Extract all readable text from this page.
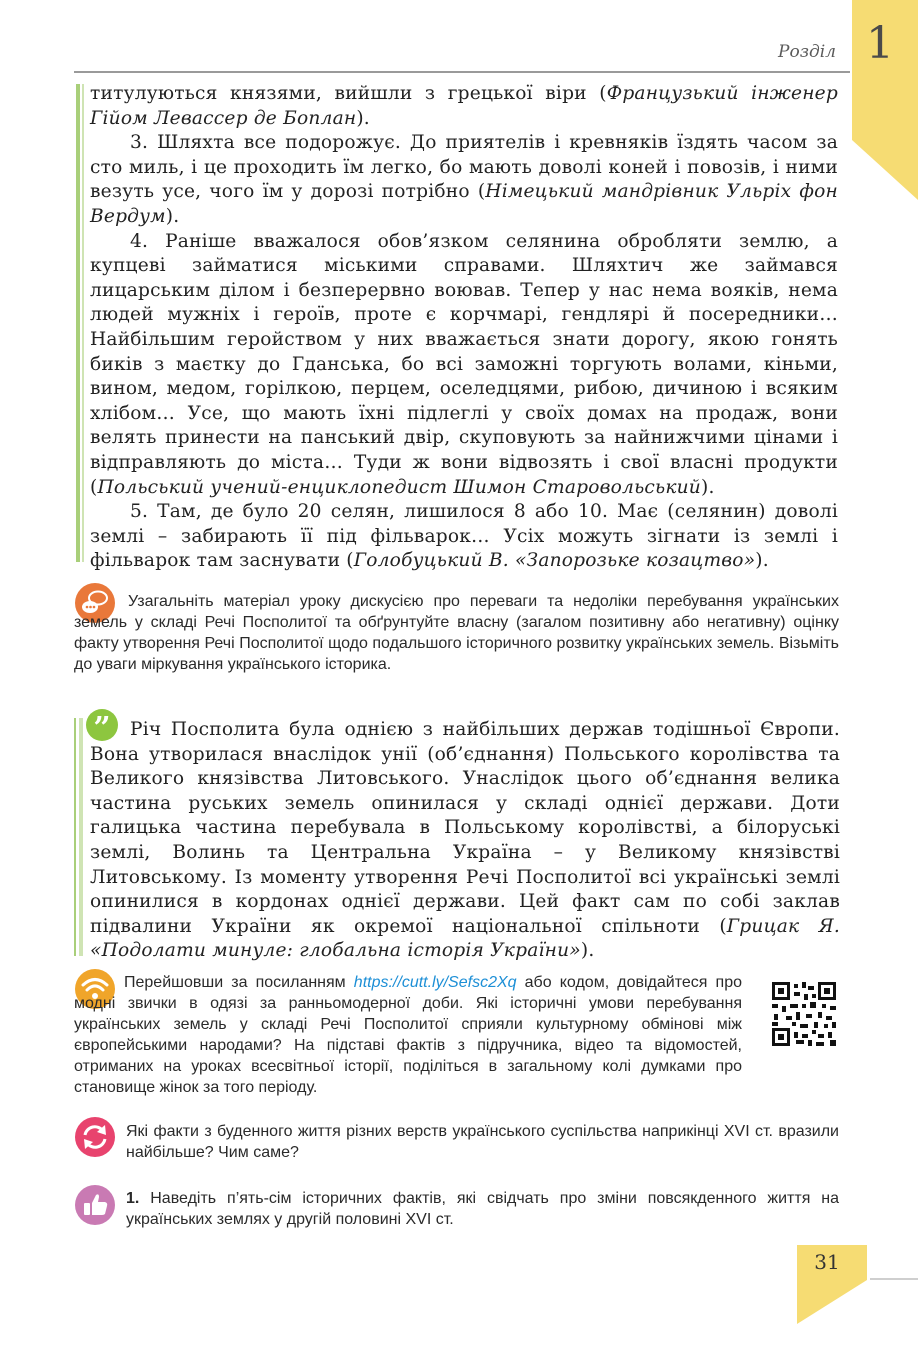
1
Розділ

титулуються князями, вийшли з грецької віри (Французький інженер Гійом Левассер де Боплан).

3. Шляхта все подорожує. До приятелів і кревняків їздять часом за сто миль, і це проходить їм легко, бо мають доволі коней і повозів, і ними везуть усе, чого їм у дорозі потрібно (Німецький мандрівник Ульріх фон Вердум).

4. Раніше вважалося обов’язком селянина обробляти землю, а купцеві займатися міськими справами. Шляхтич же займався лицарським ділом і безперервно воював. Тепер у нас нема вояків, нема людей мужніх і героїв, проте є корчмарі, гендлярі й посередники… Найбільшим геройством у них вважається знати дорогу, якою гонять биків з маєтку до Гданська, бо всі заможні торгують волами, кіньми, вином, медом, горілкою, перцем, оселедцями, рибою, дичиною і всяким хлібом… Усе, що мають їхні підлеглі у своїх домах на продаж, вони велять принести на панський двір, скуповують за найнижчими цінами і відправляють до міста… Туди ж вони відвозять і свої власні продукти (Польський учений-енциклопедист Шимон Старовольський).

5. Там, де було 20 селян, лишилося 8 або 10. Має (селянин) доволі землі – забирають її під фільварок… Усіх можуть зігнати із землі і фільварок там заснувати (Голобуцький В. «Запорозьке козацтво»).

Узагальніть матеріал уроку дискусією про переваги та недоліки перебування українських земель у складі Речі Посполитої та обґрунтуйте власну (загалом позитивну або негативну) оцінку факту утворення Речі Посполитої щодо подальшого історичного розвитку українських земель. Візьміть до уваги міркування українського історика.
”	Річ Посполита була однією з найбільших держав тодішньої Європи. Вона утворилася внаслідок унії (об’єднання) Польського королівства та Великого князівства Литовського. Унаслідок цього об’єднання велика частина руських земель опинилася у складі однієї держави. Доти галицька частина перебувала в Польському королівстві, а білоруські землі, Волинь та Центральна Україна – у Великому князівстві Литовському. Із моменту утворення Речі Посполитої всі українські землі опинилися в кордонах однієї держави. Цей факт сам по собі заклав підвалини України як окремої національної спільноти (Грицак Я. «Подолати минуле: глобальна історія України»).

Перейшовши за посиланням https://cutt.ly/Sefsc2Xq або кодом, довідайтеся про модні звички в одязі за ранньомодерної доби. Які історичні умови перебування українських земель у складі Речі Посполитої сприяли культурному обмінові між європейськими народами? На підставі фактів з підручника, відео та відомостей, отриманих на уроках всесвітньої історії, поділіться в загальному колі думками про становище жінок за того періоду.
Які факти з буденного життя різних верств українського суспільства наприкінці XVI ст. вразили найбільше? Чим саме?
1. Наведіть п’ять-сім історичних фактів, які свідчать про зміни повсякденного життя на українських землях у другій половині XVI ст.
31
